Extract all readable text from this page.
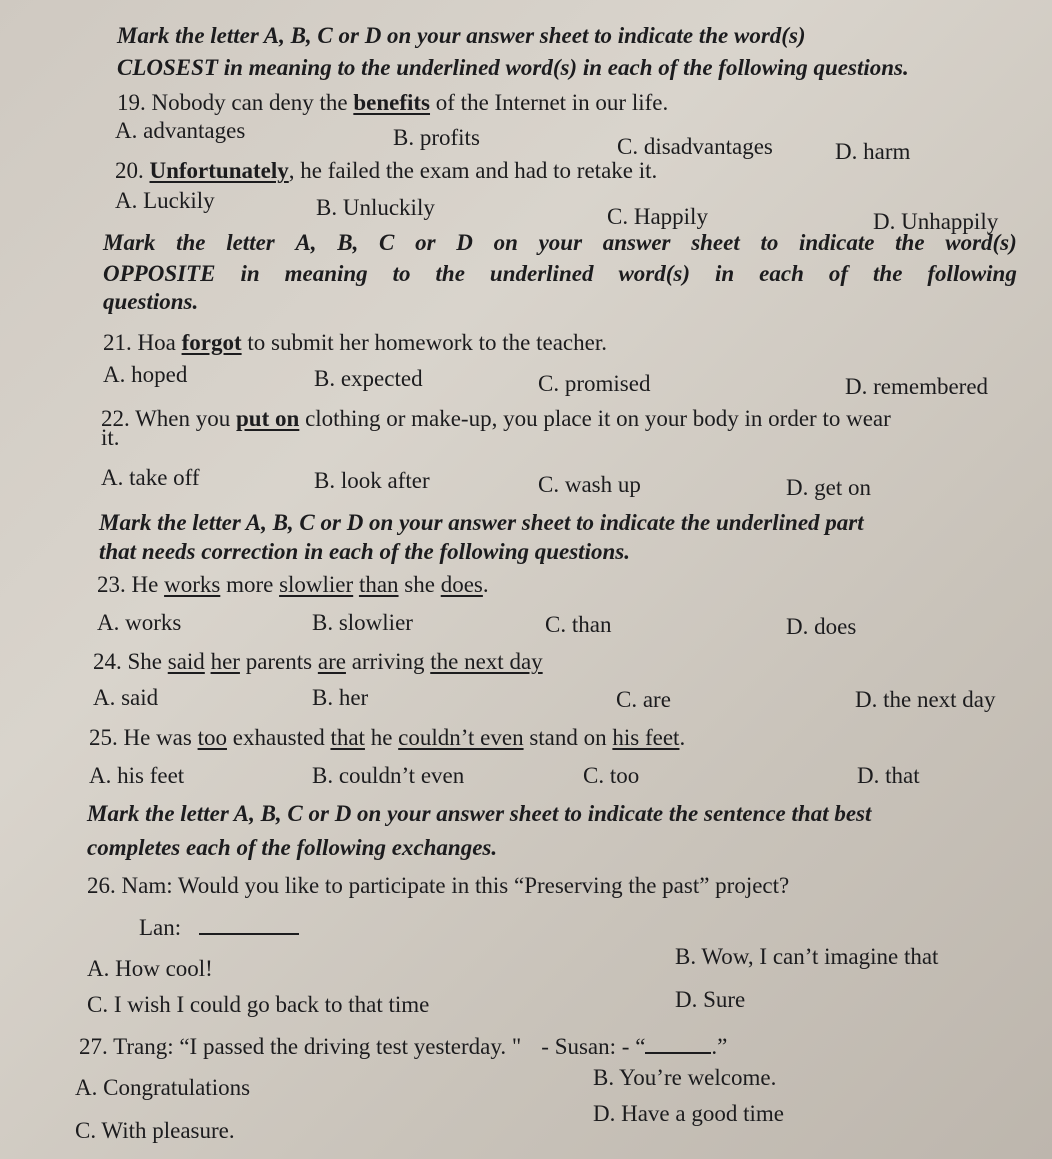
Mark the letter A, B, C or D on your answer sheet to indicate the word(s)
CLOSEST in meaning to the underlined word(s) in each of the following questions.
19. Nobody can deny the benefits of the Internet in our life.
A. advantages	B. profits	C. disadvantages	D. harm
20. Unfortunately, he failed the exam and had to retake it.
A. Luckily	B. Unluckily	C. Happily	D. Unhappily
Mark the letter A, B, C or D on your answer sheet to indicate the word(s)
OPPOSITE in meaning to the underlined word(s) in each of the following
questions.
21. Hoa forgot to submit her homework to the teacher.
A. hoped	B. expected	C. promised	D. remembered
22. When you put on clothing or make-up, you place it on your body in order to wear
it.
A. take off	B. look after	C. wash up	D. get on
Mark the letter A, B, C or D on your answer sheet to indicate the underlined part
that needs correction in each of the following questions.
23. He works more slowlier than she does.
A. works	B. slowlier	C. than	D. does
24. She said her parents are arriving the next day
A. said	B. her	C. are	D. the next day
25. He was too exhausted that he couldn’t even stand on his feet.
A. his feet	B. couldn’t even	C. too	D. that
Mark the letter A, B, C or D on your answer sheet to indicate the sentence that best
completes each of the following exchanges.
26. Nam: Would you like to participate in this “Preserving the past” project?
Lan:
A. How cool!	B. Wow, I can’t imagine that
C. I wish I could go back to that time	D. Sure
27. Trang: “I passed the driving test yesterday. " - Susan: - “	.”
A. Congratulations	B. You’re welcome.
C. With pleasure.
D. Have a good time
